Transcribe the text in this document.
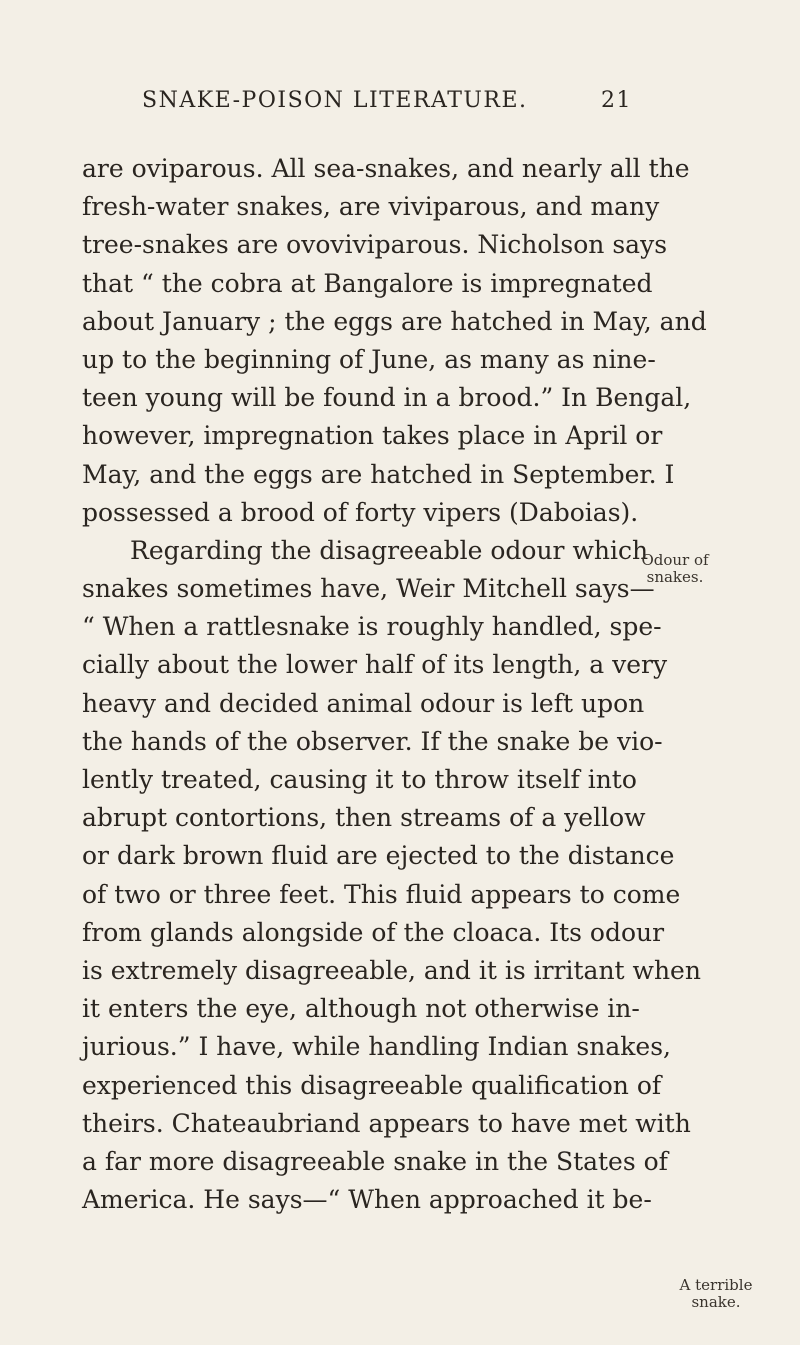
SNAKE-POISON LITERATURE.	21
are oviparous. All sea-snakes, and nearly all the
fresh-water snakes, are viviparous, and many
tree-snakes are ovoviviparous. Nicholson says
that “ the cobra at Bangalore is impregnated
about January ; the eggs are hatched in May, and
up to the beginning of June, as many as nine-
teen young will be found in a brood.” In Bengal,
however, impregnation takes place in April or
May, and the eggs are hatched in September. I
possessed a brood of forty vipers (Daboias).
Regarding the disagreeable odour which
snakes sometimes have, Weir Mitchell says—
“ When a rattlesnake is roughly handled, spe-
cially about the lower half of its length, a very
heavy and decided animal odour is left upon
the hands of the observer. If the snake be vio-
lently treated, causing it to throw itself into
abrupt contortions, then streams of a yellow
or dark brown fluid are ejected to the distance
of two or three feet. This fluid appears to come
from glands alongside of the cloaca. Its odour
is extremely disagreeable, and it is irritant when
it enters the eye, although not otherwise in-
jurious.” I have, while handling Indian snakes,
experienced this disagreeable qualification of
theirs. Chateaubriand appears to have met with
a far more disagreeable snake in the States of
America. He says—“ When approached it be-
Odour of snakes.
A terrible snake.
